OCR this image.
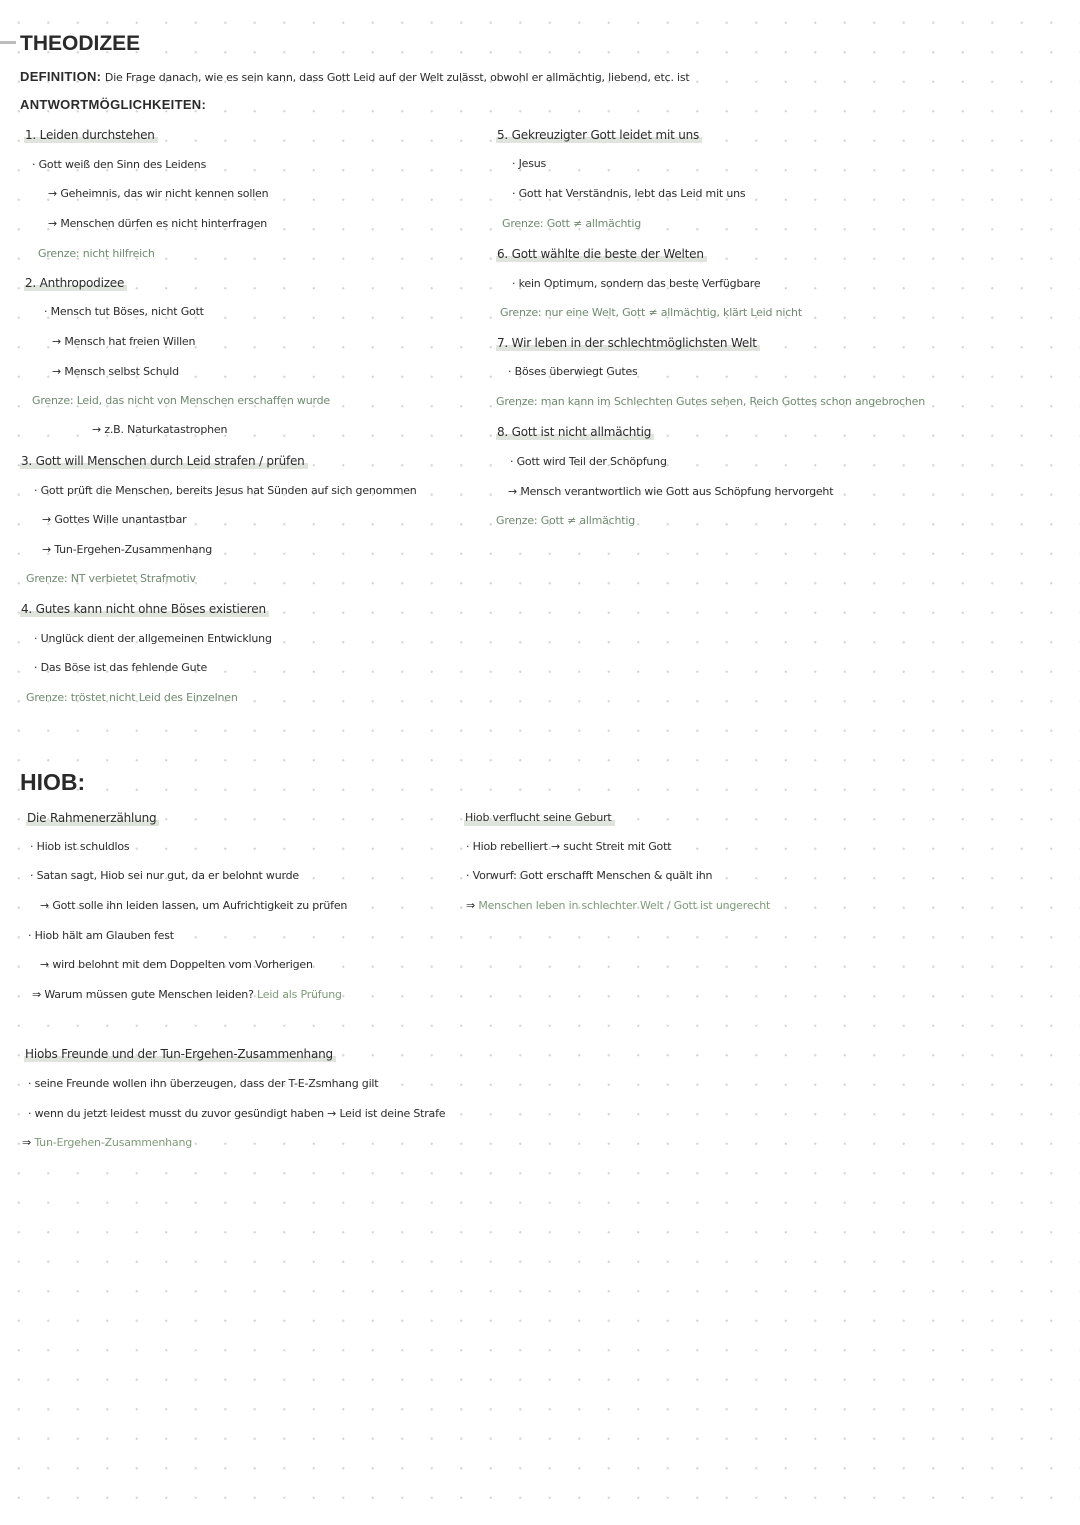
THEODIZEE
DEFINITION: Die Frage danach, wie es sein kann, dass Gott Leid auf der Welt zulässt, obwohl er allmächtig, liebend, etc. ist
ANTWORTMÖGLICHKEITEN:
1. Leiden durchstehen
· Gott weiß den Sinn des Leidens
→ Geheimnis, das wir nicht kennen sollen
→ Menschen dürfen es nicht hinterfragen
Grenze: nicht hilfreich
2. Anthropodizee
· Mensch tut Böses, nicht Gott
→ Mensch hat freien Willen
→ Mensch selbst Schuld
Grenze: Leid, das nicht von Menschen erschaffen wurde
→ z.B. Naturkatastrophen
3. Gott will Menschen durch Leid strafen / prüfen
· Gott prüft die Menschen, bereits Jesus hat Sünden auf sich genommen
→ Gottes Wille unantastbar
→ Tun-Ergehen-Zusammenhang
Grenze: NT verbietet Strafmotiv
4. Gutes kann nicht ohne Böses existieren
· Unglück dient der allgemeinen Entwicklung
· Das Böse ist das fehlende Gute
Grenze: tröstet nicht Leid des Einzelnen
5. Gekreuzigter Gott leidet mit uns
· Jesus
· Gott hat Verständnis, lebt das Leid mit uns
Grenze: Gott ≠ allmächtig
6. Gott wählte die beste der Welten
· kein Optimum, sondern das beste Verfügbare
Grenze: nur eine Welt, Gott ≠ allmächtig, klärt Leid nicht
7. Wir leben in der schlechtmöglichsten Welt
· Böses überwiegt Gutes
Grenze: man kann im Schlechten Gutes sehen, Reich Gottes schon angebrochen
8. Gott ist nicht allmächtig
· Gott wird Teil der Schöpfung
→ Mensch verantwortlich wie Gott aus Schöpfung hervorgeht
Grenze: Gott ≠ allmächtig
HIOB:
Die Rahmenerzählung
· Hiob ist schuldlos
· Satan sagt, Hiob sei nur gut, da er belohnt wurde
→ Gott solle ihn leiden lassen, um Aufrichtigkeit zu prüfen
· Hiob hält am Glauben fest
→ wird belohnt mit dem Doppelten vom Vorherigen
⇒ Warum müssen gute Menschen leiden? Leid als Prüfung
Hiob verflucht seine Geburt
· Hiob rebelliert → sucht Streit mit Gott
· Vorwurf: Gott erschafft Menschen & quält ihn
⇒ Menschen leben in schlechter Welt / Gott ist ungerecht
Hiobs Freunde und der Tun-Ergehen-Zusammenhang
· seine Freunde wollen ihn überzeugen, dass der T-E-Zsmhang gilt
· wenn du jetzt leidest musst du zuvor gesündigt haben → Leid ist deine Strafe
⇒ Tun-Ergehen-Zusammenhang
